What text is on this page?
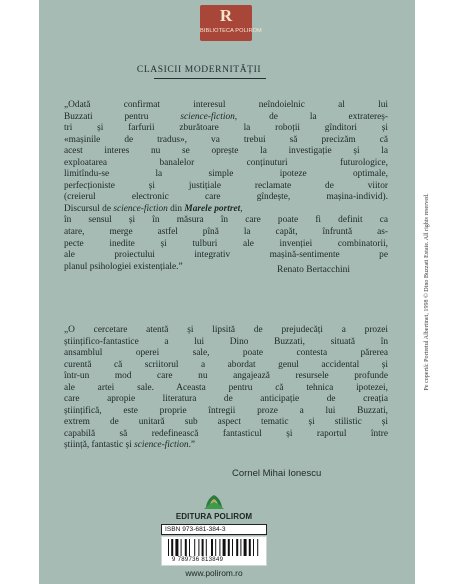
R
BIBLIOTECA POLIROM
CLASICII MODERNITĂȚII
„Odată confirmat interesul neîndoielnic al lui
Buzzati pentru science-fiction, de la extratereș-
tri și farfurii zburătoare la roboții gînditori și
«mașinile de tradus», va trebui să precizăm că
acest interes nu se oprește la investigație și la
exploatarea banalelor conținuturi futurologice,
limitîndu-se la simple ipoteze optimale,
perfecționiste și justițiale reclamate de viitor
(creierul electronic care gîndește, mașina-individ).
Discursul de science-fiction din Marele portret,
în sensul și în măsura în care poate fi definit ca
atare, merge astfel pînă la capăt, înfruntă as-
pecte inedite și tulburi ale invenției combinatorii,
ale proiectului integrativ mașină-sentimente pe
planul psihologiei existențiale.”	Renato Bertacchini
„O cercetare atentă și lipsită de prejudecăți a prozei
științifico-fantastice a lui Dino Buzzati, situată în
ansamblul operei sale, poate contesta părerea
curentă că scriitorul a abordat genul accidental și
într-un mod care nu angajează resursele profunde
ale artei sale. Aceasta pentru că tehnica ipotezei,
care apropie literatura de anticipație de creația
științifică, este proprie întregii proze a lui Buzzati,
extrem de unitară sub aspect tematic și stilistic și
capabilă să redefinească fantasticul și raportul între
știință, fantastic și science-fiction.”
Cornel Mihai Ionescu
EDITURA POLIROM
ISBN 973-681-384-3
9 789736 813849
www.polirom.ro
Pe copertă: Portretul Albertinei, 1998 © Dino Buzzati Estate. All rights reserved.
